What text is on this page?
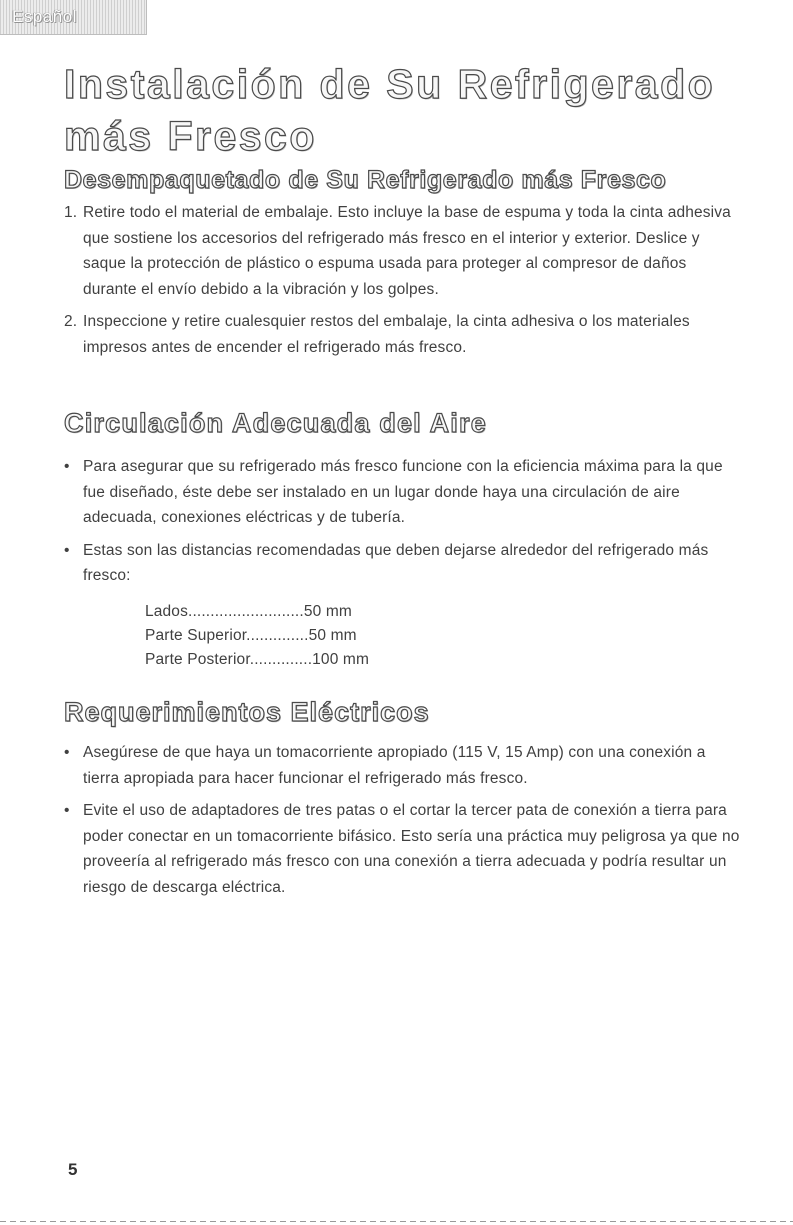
Español
Instalación de Su Refrigerado más Fresco
Desempaquetado de Su Refrigerado más Fresco
1. Retire todo el material de embalaje. Esto incluye la base de espuma y toda la cinta adhesiva que sostiene los accesorios del refrigerado más fresco en el interior y exterior. Deslice y saque la protección de plástico o espuma usada para proteger al compresor de daños durante el envío debido a la vibración y los golpes.
2. Inspeccione y retire cualesquier restos del embalaje, la cinta adhesiva o los materiales impresos antes de encender el refrigerado más fresco.
Circulación Adecuada del Aire
• Para asegurar que su refrigerado más fresco funcione con la eficiencia máxima para la que fue diseñado, éste debe ser instalado en un lugar donde haya una circulación de aire adecuada, conexiones eléctricas y de tubería.
• Estas son las distancias recomendadas que deben dejarse alrededor del refrigerado más fresco:
Lados..........................50 mm
Parte Superior..............50 mm
Parte Posterior..............100 mm
Requerimientos Eléctricos
• Asegúrese de que haya un tomacorriente apropiado (115 V, 15 Amp) con una conexión a tierra apropiada para hacer funcionar el refrigerado más fresco.
• Evite el uso de adaptadores de tres patas o el cortar la tercer pata de conexión a tierra para poder conectar en un tomacorriente bifásico. Esto sería una práctica muy peligrosa ya que no proveería al refrigerado más fresco con una conexión a tierra adecuada y podría resultar un riesgo de descarga eléctrica.
5
